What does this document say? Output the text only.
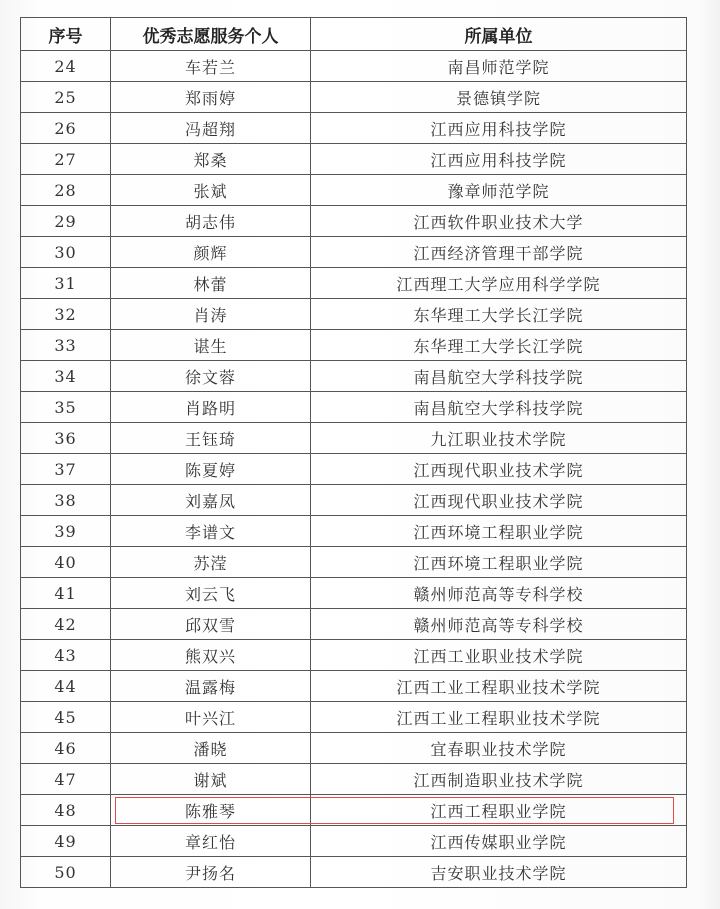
序号	优秀志愿服务个人	所属单位
24	车若兰	南昌师范学院
25	郑雨婷	景德镇学院
26	冯超翔	江西应用科技学院
27	郑桑	江西应用科技学院
28	张斌	豫章师范学院
29	胡志伟	江西软件职业技术大学
30	颜辉	江西经济管理干部学院
31	林蕾	江西理工大学应用科学学院
32	肖涛	东华理工大学长江学院
33	谌生	东华理工大学长江学院
34	徐文蓉	南昌航空大学科技学院
35	肖路明	南昌航空大学科技学院
36	王钰琦	九江职业技术学院
37	陈夏婷	江西现代职业技术学院
38	刘嘉凤	江西现代职业技术学院
39	李谱文	江西环境工程职业学院
40	苏滢	江西环境工程职业学院
41	刘云飞	赣州师范高等专科学校
42	邱双雪	赣州师范高等专科学校
43	熊双兴	江西工业职业技术学院
44	温露梅	江西工业工程职业技术学院
45	叶兴江	江西工业工程职业技术学院
46	潘晓	宜春职业技术学院
47	谢斌	江西制造职业技术学院
48	陈雅琴	江西工程职业学院
49	章红怡	江西传媒职业学院
50	尹扬名	吉安职业技术学院
